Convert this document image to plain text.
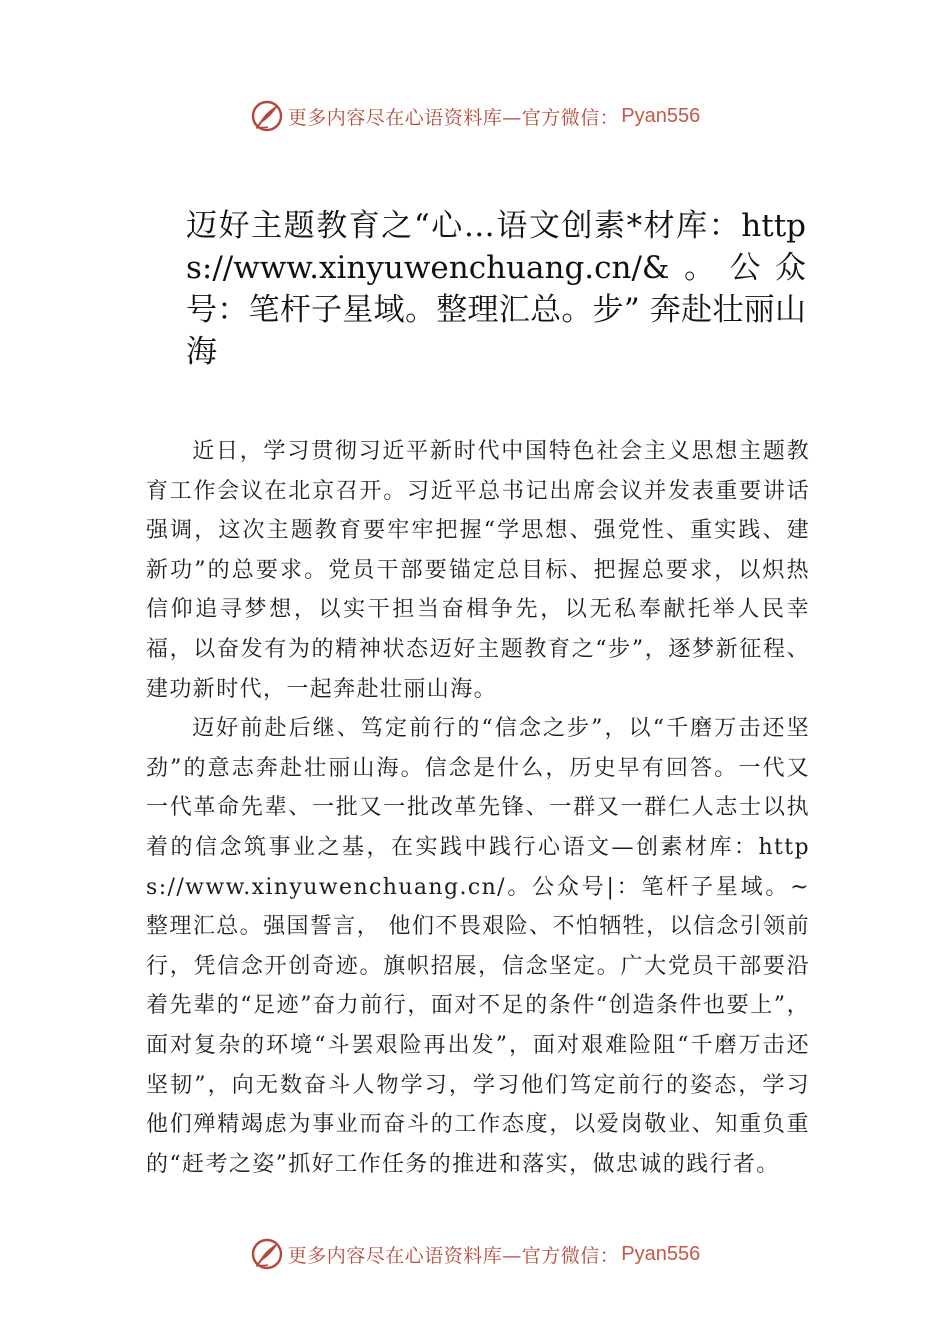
更多内容尽在心语资料库—官方微信： Pyan556
迈好主题教育之“心…语文创素*材库：https://www.xinyuwenchuang.cn/&。公众号：笔杆子星域。整理汇总。步” 奔赴壮丽山海

近日，学习贯彻习近平新时代中国特色社会主义思想主题教育工作会议在北京召开。习近平总书记出席会议并发表重要讲话强调，这次主题教育要牢牢把握“学思想、强党性、重实践、建新功”的总要求。党员干部要锚定总目标、把握总要求，以炽热信仰追寻梦想，以实干担当奋楫争先，以无私奉献托举人民幸福，以奋发有为的精神状态迈好主题教育之“步”，逐梦新征程、建功新时代，一起奔赴壮丽山海。

迈好前赴后继、笃定前行的“信念之步”，以“千磨万击还坚劲”的意志奔赴壮丽山海。信念是什么，历史早有回答。一代又一代革命先辈、一批又一批改革先锋、一群又一群仁人志士以执着的信念筑事业之基，在实践中践行心语文—创素材库：https://www.xinyuwenchuang.cn/。公众号|：笔杆子星域。~整理汇总。强国誓言， 他们不畏艰险、不怕牺牲，以信念引领前行，凭信念开创奇迹。旗帜招展，信念坚定。广大党员干部要沿着先辈的“足迹”奋力前行，面对不足的条件“创造条件也要上”，面对复杂的环境“斗罢艰险再出发”，面对艰难险阻“千磨万击还坚韧”，向无数奋斗人物学习，学习他们笃定前行的姿态，学习他们殚精竭虑为事业而奋斗的工作态度，以爱岗敬业、知重负重的“赶考之姿”抓好工作任务的推进和落实，做忠诚的践行者。

更多内容尽在心语资料库—官方微信： Pyan556
